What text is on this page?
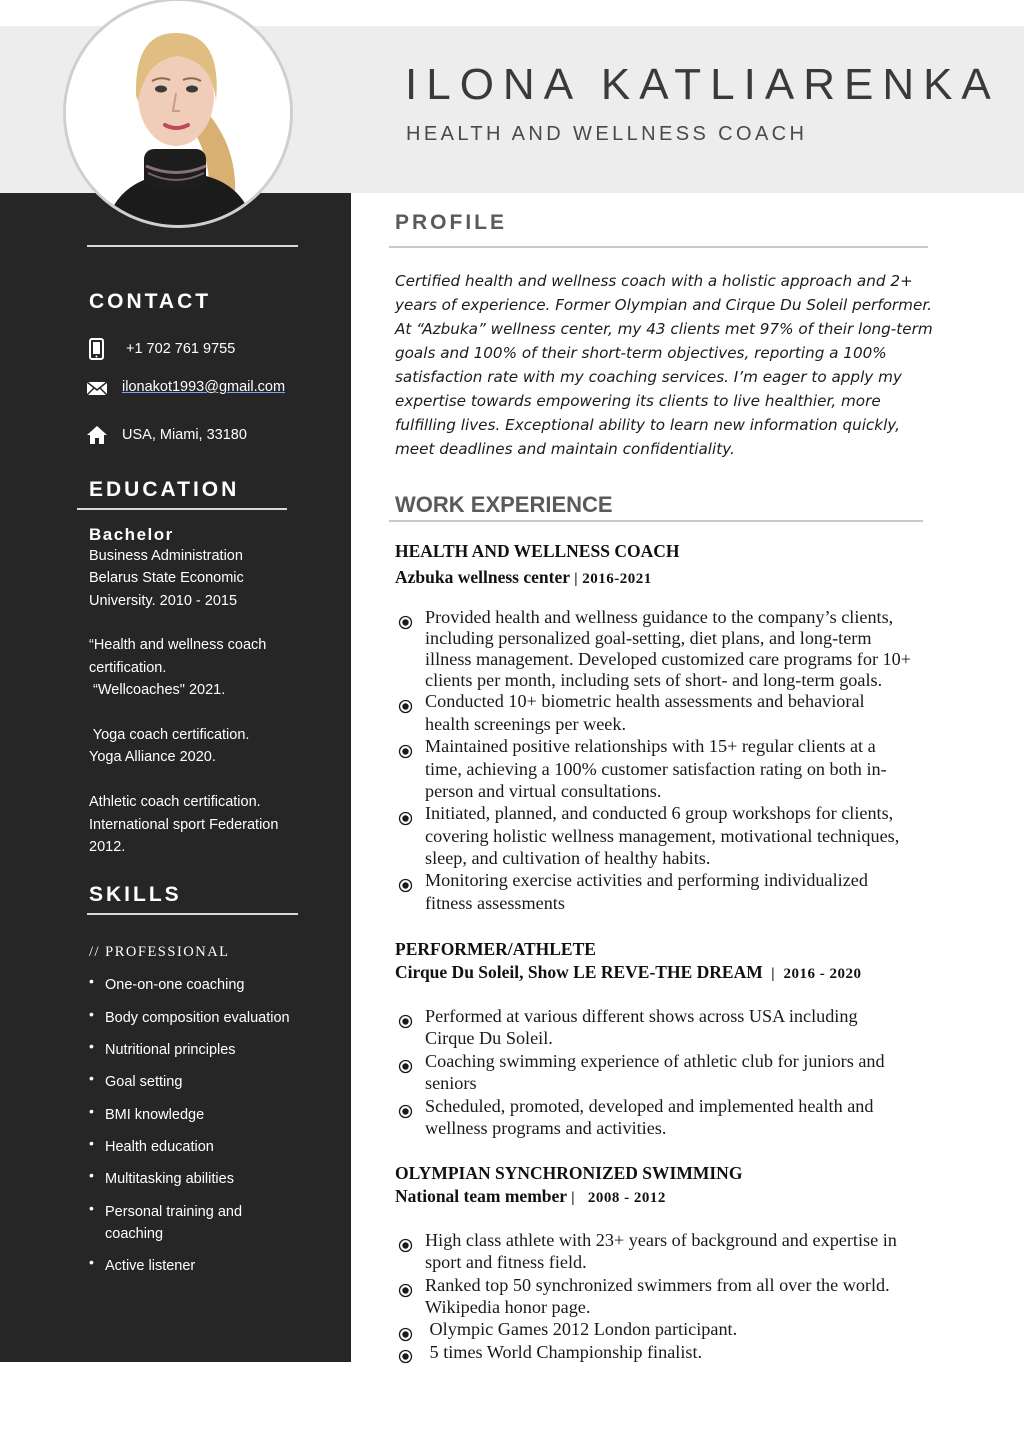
ILONA KATLIARENKA
HEALTH AND WELLNESS COACH
CONTACT
+1 702 761 9755
ilonakot1993@gmail.com
USA, Miami, 33180
EDUCATION
Bachelor
Business Administration
Belarus State Economic
University. 2010 - 2015
“Health and wellness coach
certification.
“Wellcoaches" 2021.
Yoga coach certification.
Yoga Alliance 2020.
Athletic coach certification.
International sport Federation
2012.
SKILLS
// PROFESSIONAL
• One-on-one coaching
• Body composition evaluation
• Nutritional principles
• Goal setting
• BMI knowledge
• Health education
• Multitasking abilities
• Personal training and
coaching
• Active listener
PROFILE
Certified health and wellness coach with a holistic approach and 2+
years of experience. Former Olympian and Cirque Du Soleil performer.
At “Azbuka” wellness center, my 43 clients met 97% of their long-term
goals and 100% of their short-term objectives, reporting a 100%
satisfaction rate with my coaching services. I’m eager to apply my
expertise towards empowering its clients to live healthier, more
fulfilling lives. Exceptional ability to learn new information quickly,
meet deadlines and maintain confidentiality.
WORK EXPERIENCE
HEALTH AND WELLNESS COACH
Azbuka wellness center | 2016-2021
Provided health and wellness guidance to the company’s clients,
including personalized goal-setting, diet plans, and long-term
illness management. Developed customized care programs for 10+
clients per month, including sets of short- and long-term goals.
Conducted 10+ biometric health assessments and behavioral
health screenings per week.
Maintained positive relationships with 15+ regular clients at a
time, achieving a 100% customer satisfaction rating on both in-
person and virtual consultations.
Initiated, planned, and conducted 6 group workshops for clients,
covering holistic wellness management, motivational techniques,
sleep, and cultivation of healthy habits.
Monitoring exercise activities and performing individualized
fitness assessments
PERFORMER/ATHLETE
Cirque Du Soleil, Show LE REVE-THE DREAM  |  2016 - 2020
Performed at various different shows across USA including
Cirque Du Soleil.
Coaching swimming experience of athletic club for juniors and
seniors
Scheduled, promoted, developed and implemented health and
wellness programs and activities.
OLYMPIAN SYNCHRONIZED SWIMMING
National team member |   2008 - 2012
High class athlete with 23+ years of background and expertise in
sport and fitness field.
Ranked top 50 synchronized swimmers from all over the world.
Wikipedia honor page.
Olympic Games 2012 London participant.
5 times World Championship finalist.
